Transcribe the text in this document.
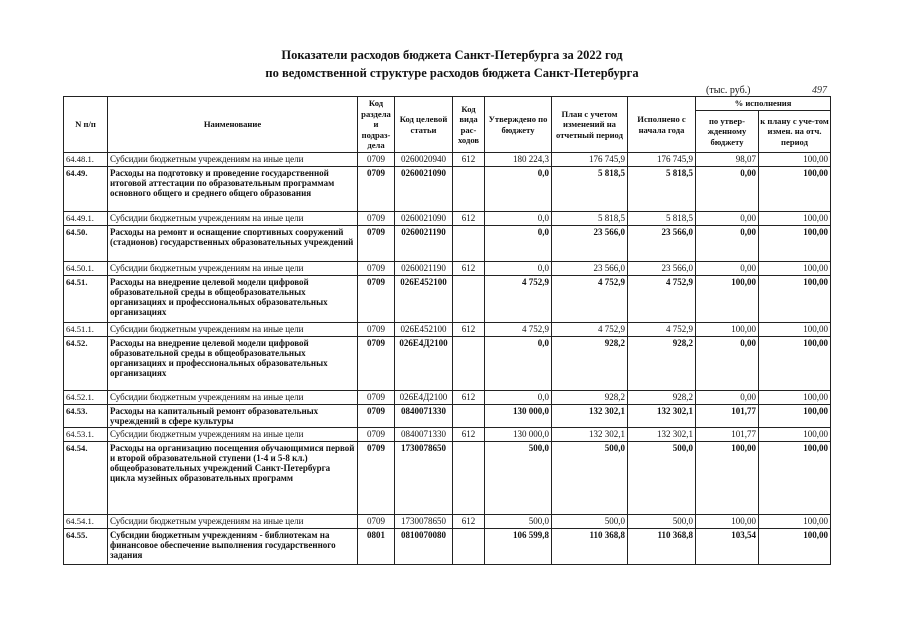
Показатели расходов бюджета Санкт-Петербурга за 2022 год
по ведомственной структуре расходов бюджета Санкт-Петербурга
(тыс. руб.)	497
N п/п	Наименование	Код раздела и подраз-дела	Код целевой статьи	Код вида рас-ходов	Утверждено по бюджету	План с учетом изменений на отчетный период	Исполнено с начала года	% исполнения	
								по утвер-жденному бюджету	к плану с уче-том измен. на отч. период
64.48.1.	Субсидии бюджетным учреждениям на иные цели	0709	0260020940	612	180 224,3	176 745,9	176 745,9	98,07	100,00
64.49.	Расходы на подготовку и проведение государственной итоговой аттестации по образовательным программам основного общего и среднего общего образования	0709	0260021090		0,0	5 818,5	5 818,5	0,00	100,00
64.49.1.	Субсидии бюджетным учреждениям на иные цели	0709	0260021090	612	0,0	5 818,5	5 818,5	0,00	100,00
64.50.	Расходы на ремонт и оснащение спортивных сооружений (стадионов) государственных образовательных учреждений	0709	0260021190		0,0	23 566,0	23 566,0	0,00	100,00
64.50.1.	Субсидии бюджетным учреждениям на иные цели	0709	0260021190	612	0,0	23 566,0	23 566,0	0,00	100,00
64.51.	Расходы на внедрение целевой модели цифровой образовательной среды в общеобразовательных организациях и профессиональных образовательных организациях	0709	026E452100		4 752,9	4 752,9	4 752,9	100,00	100,00
64.51.1.	Субсидии бюджетным учреждениям на иные цели	0709	026E452100	612	4 752,9	4 752,9	4 752,9	100,00	100,00
64.52.	Расходы на внедрение целевой модели цифровой образовательной среды в общеобразовательных организациях и профессиональных образовательных организациях	0709	026E4Д2100		0,0	928,2	928,2	0,00	100,00
64.52.1.	Субсидии бюджетным учреждениям на иные цели	0709	026E4Д2100	612	0,0	928,2	928,2	0,00	100,00
64.53.	Расходы на капитальный ремонт образовательных учреждений в сфере культуры	0709	0840071330		130 000,0	132 302,1	132 302,1	101,77	100,00
64.53.1.	Субсидии бюджетным учреждениям на иные цели	0709	0840071330	612	130 000,0	132 302,1	132 302,1	101,77	100,00
64.54.	Расходы на организацию посещения обучающимися первой и второй образовательной ступени (1-4 и 5-8 кл.) общеобразовательных учреждений Санкт-Петербурга цикла музейных образовательных программ	0709	1730078650		500,0	500,0	500,0	100,00	100,00
64.54.1.	Субсидии бюджетным учреждениям на иные цели	0709	1730078650	612	500,0	500,0	500,0	100,00	100,00
64.55.	Субсидии бюджетным учреждениям - библиотекам на финансовое обеспечение выполнения государственного задания	0801	0810070080		106 599,8	110 368,8	110 368,8	103,54	100,00
